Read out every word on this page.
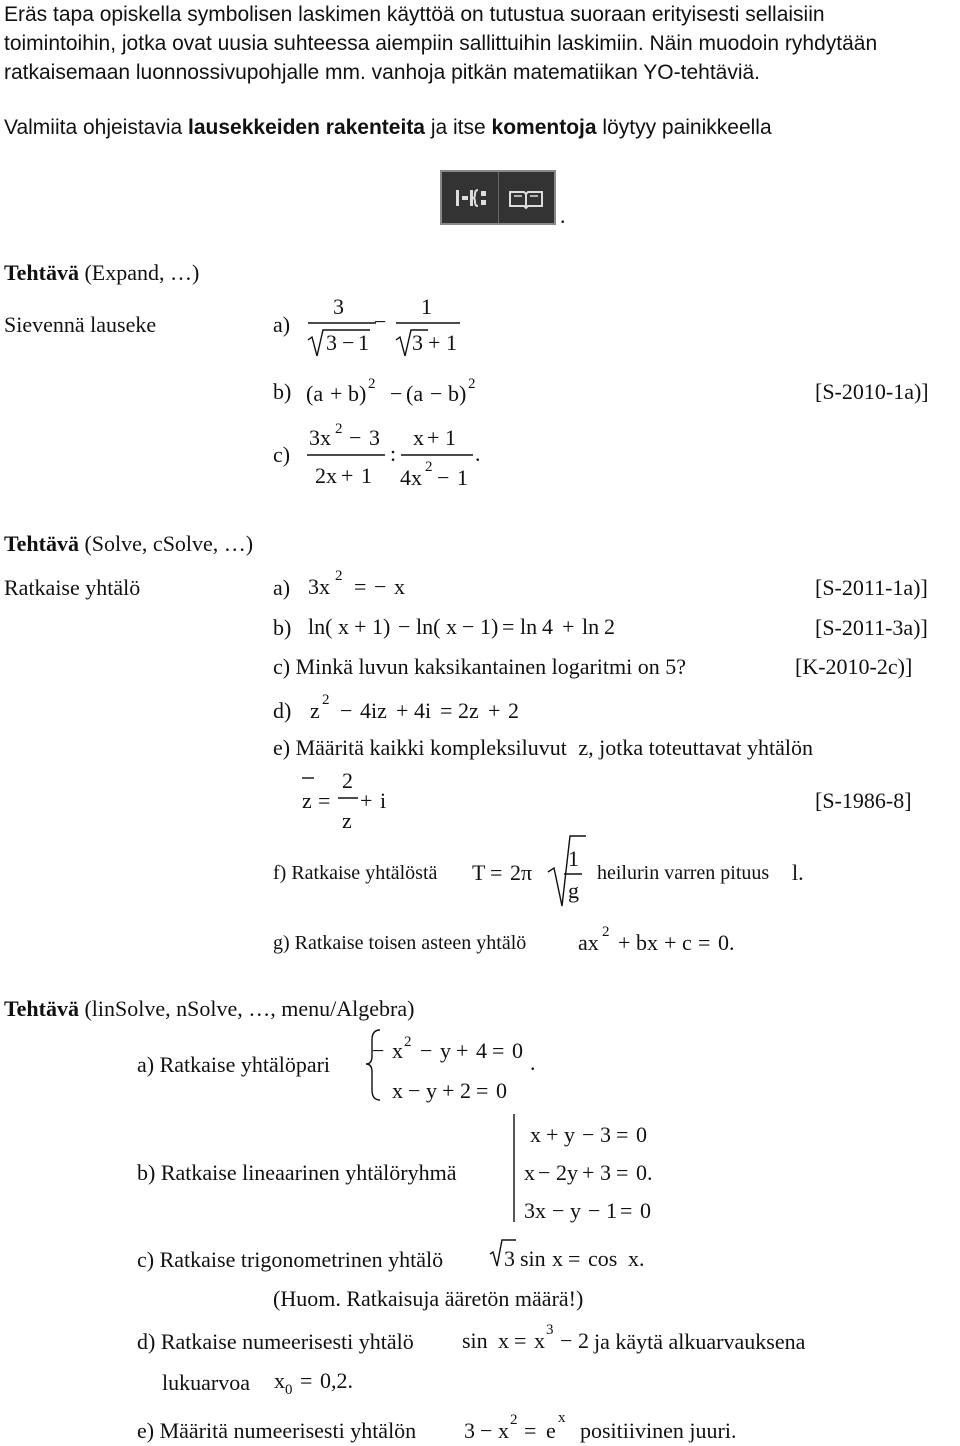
Eräs tapa opiskella symbolisen laskimen käyttöä on tutustua suoraan erityisesti sellaisiin
toimintoihin, jotka ovat uusia suhteessa aiempiin sallittuihin laskimiin. Näin muodoin ryhdytään
ratkaisemaan luonnossivupohjalle mm. vanhoja pitkän matematiikan YO-tehtäviä.
Valmiita ohjeistavia lausekkeiden rakenteita ja itse komentoja löytyy painikkeella
.
Tehtävä (Expand, …)
Sievennä lauseke	a)
3
3 − 1
−
1
3 + 1
b) (a + b) 2 − (a − b) 2	[S-2010-1a)]
c)
3x 2 − 3
2x + 1
:
x + 1
4x 2 − 1
.
Tehtävä (Solve, cSolve, …)
Ratkaise yhtälö	a) 3x 2 = − x	[S-2011-1a)]
b) ln( x + 1) − ln( x − 1) = ln 4 + ln 2	[S-2011-3a)]
c) Minkä luvun kaksikantainen logaritmi on 5?	[K-2010-2c)]
d) z 2 − 4iz + 4i = 2z + 2
e) Määritä kaikki kompleksiluvut z, jotka toteuttavat yhtälön
z =
2
z
+ i	[S-1986-8]
f) Ratkaise yhtälöstä T = 2π
1
g
heilurin varren pituus l.
g) Ratkaise toisen asteen yhtälö ax 2 + bx + c = 0.
Tehtävä (linSolve, nSolve, …, menu/Algebra)
a) Ratkaise yhtälöpari
− x 2 − y + 4 = 0 .
x − y + 2 = 0
b) Ratkaise lineaarinen yhtälöryhmä
x + y − 3 = 0
x − 2y + 3 = 0.
3x − y − 1 = 0
c) Ratkaise trigonometrinen yhtälö	3 sin x = cos x.
(Huom. Ratkaisuja ääretön määrä!)
d) Ratkaise numeerisesti yhtälö sin x = x 3 − 2 ja käytä alkuarvauksena
lukuarvoa x 0 = 0,2.
e) Määritä numeerisesti yhtälön 3 − x 2 = e x positiivinen juuri.
